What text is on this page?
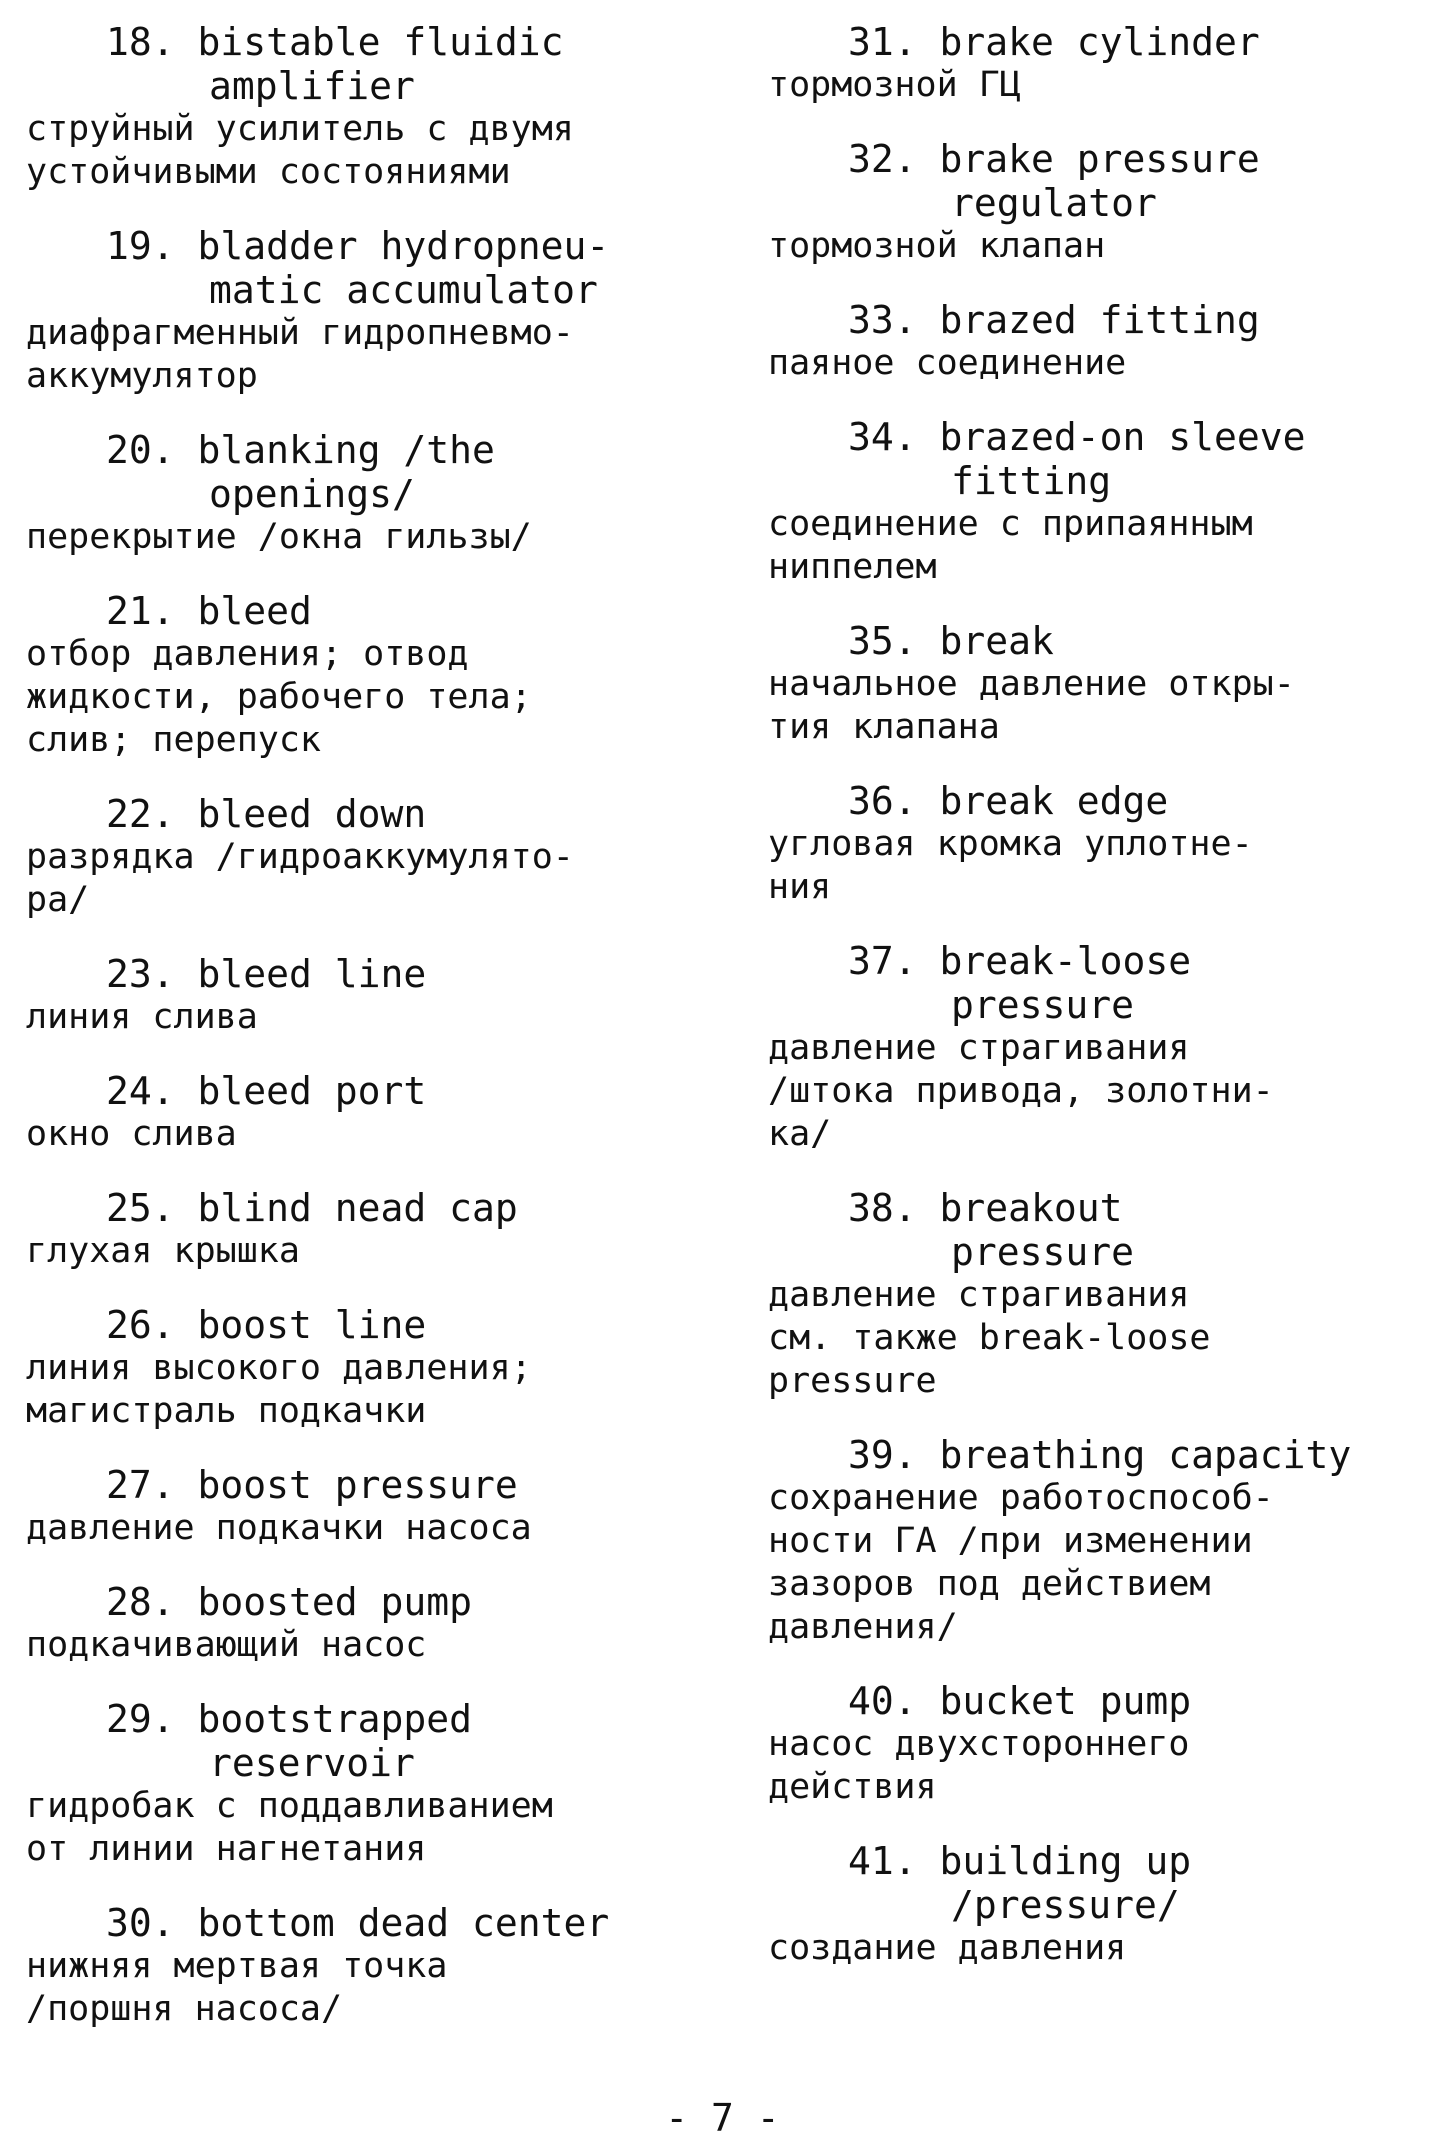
18. bistable fluidic
amplifier
струйный усилитель с двумя
устойчивыми состояниями
19. bladder hydropneu-
matic accumulator
диафрагменный гидропневмо-
аккумулятор
20. blanking /the
openings/
перекрытие /окна гильзы/
21. bleed
отбор давления; отвод
жидкости, рабочего тела;
слив; перепуск
22. bleed down
разрядка /гидроаккумулято-
ра/
23. bleed line
линия слива
24. bleed port
окно слива
25. blind nead cap
глухая крышка
26. boost line
линия высокого давления;
магистраль подкачки
27. boost pressure
давление подкачки насоса
28. boosted pump
подкачивающий насос
29. bootstrapped
reservoir
гидробак с поддавливанием
от линии нагнетания
30. bottom dead center
нижняя мертвая точка
/поршня насоса/
31. brake cylinder
тормозной ГЦ
32. brake pressure
regulator
тормозной клапан
33. brazed fitting
паяное соединение
34. brazed-on sleeve
fitting
соединение с припаянным
ниппелем
35. break
начальное давление откры-
тия клапана
36. break edge
угловая кромка уплотне-
ния
37. break-loose
pressure
давление страгивания
/штока привода, золотни-
ка/
38. breakout
pressure
давление страгивания
см. также break-loose
pressure
39. breathing capacity
сохранение работоспособ-
ности ГА /при изменении
зазоров под действием
давления/
40. bucket pump
насос двухстороннего
действия
41. building up
/pressure/
создание давления
- 7 -
